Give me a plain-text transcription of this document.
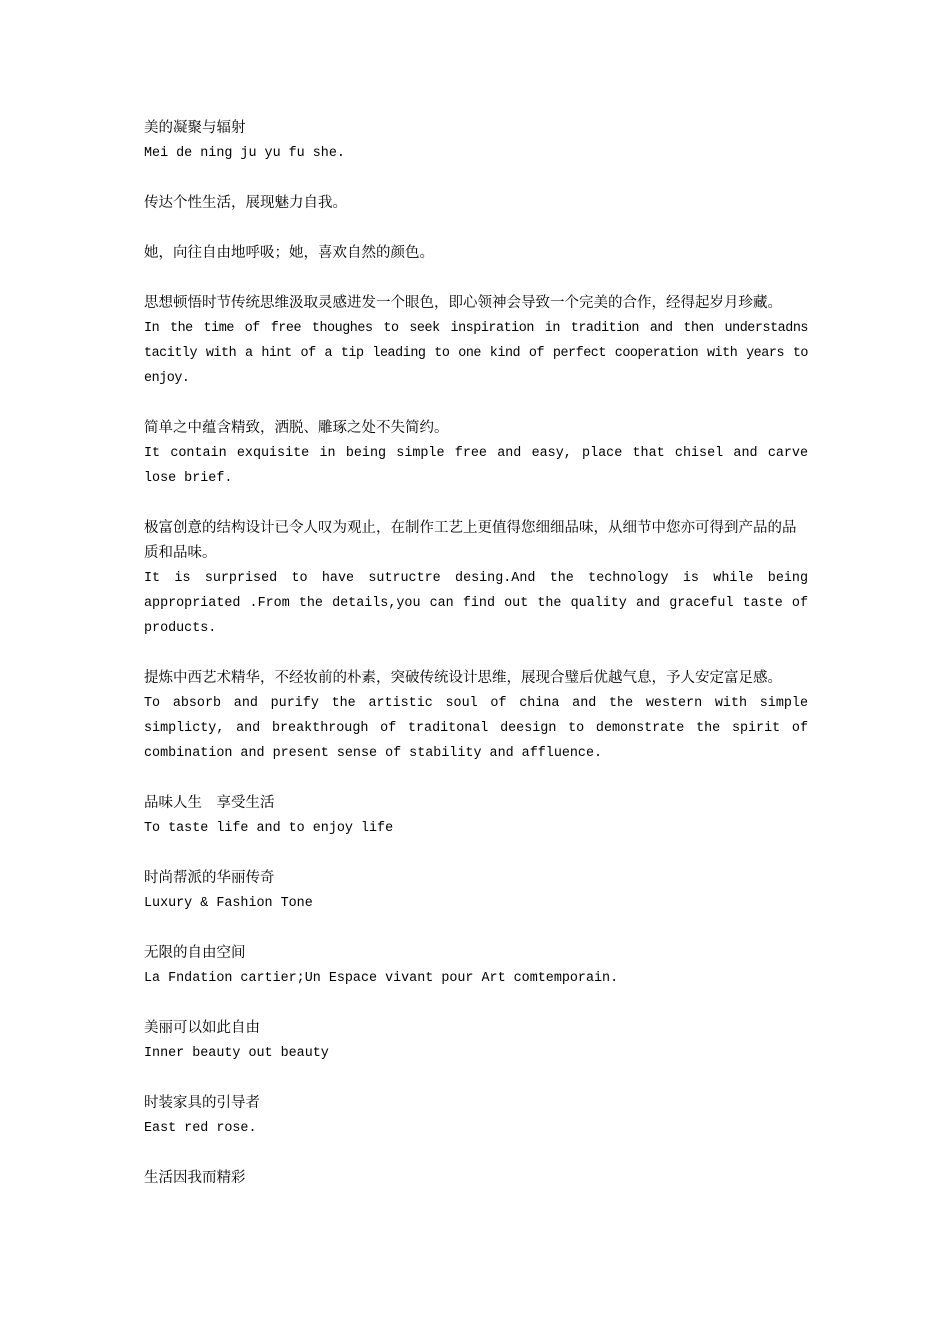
美的凝聚与辐射
Mei de ning ju yu fu she.
传达个性生活，展现魅力自我。
她，向往自由地呼吸；她，喜欢自然的颜色。
思想顿悟时节传统思维汲取灵感进发一个眼色，即心领神会导致一个完美的合作，经得起岁月珍藏。
In the time of free thoughes to seek inspiration in tradition and then understadns tacitly with a hint of a tip leading to one kind of perfect cooperation with years to enjoy.
简单之中蕴含精致，洒脱、雕琢之处不失简约。
It contain exquisite in being simple free and easy, place that chisel and carve lose brief.
极富创意的结构设计已令人叹为观止，在制作工艺上更值得您细细品味，从细节中您亦可得到产品的品质和品味。
It is surprised to have sutructre desing.And the technology is while being appropriated .From the details,you can find out the quality and graceful taste of products.
提炼中西艺术精华，不经妆前的朴素，突破传统设计思维，展现合璧后优越气息，予人安定富足感。
To absorb and purify the artistic soul of china and the western with simple simplicty, and breakthrough of traditonal deesign to demonstrate the spirit of combination and present sense of stability and affluence.
品味人生　享受生活
To taste life and to enjoy life
时尚帮派的华丽传奇
Luxury & Fashion Tone
无限的自由空间
La Fndation cartier;Un Espace vivant pour Art comtemporain.
美丽可以如此自由
Inner beauty out beauty
时装家具的引导者
East red rose.
生活因我而精彩
